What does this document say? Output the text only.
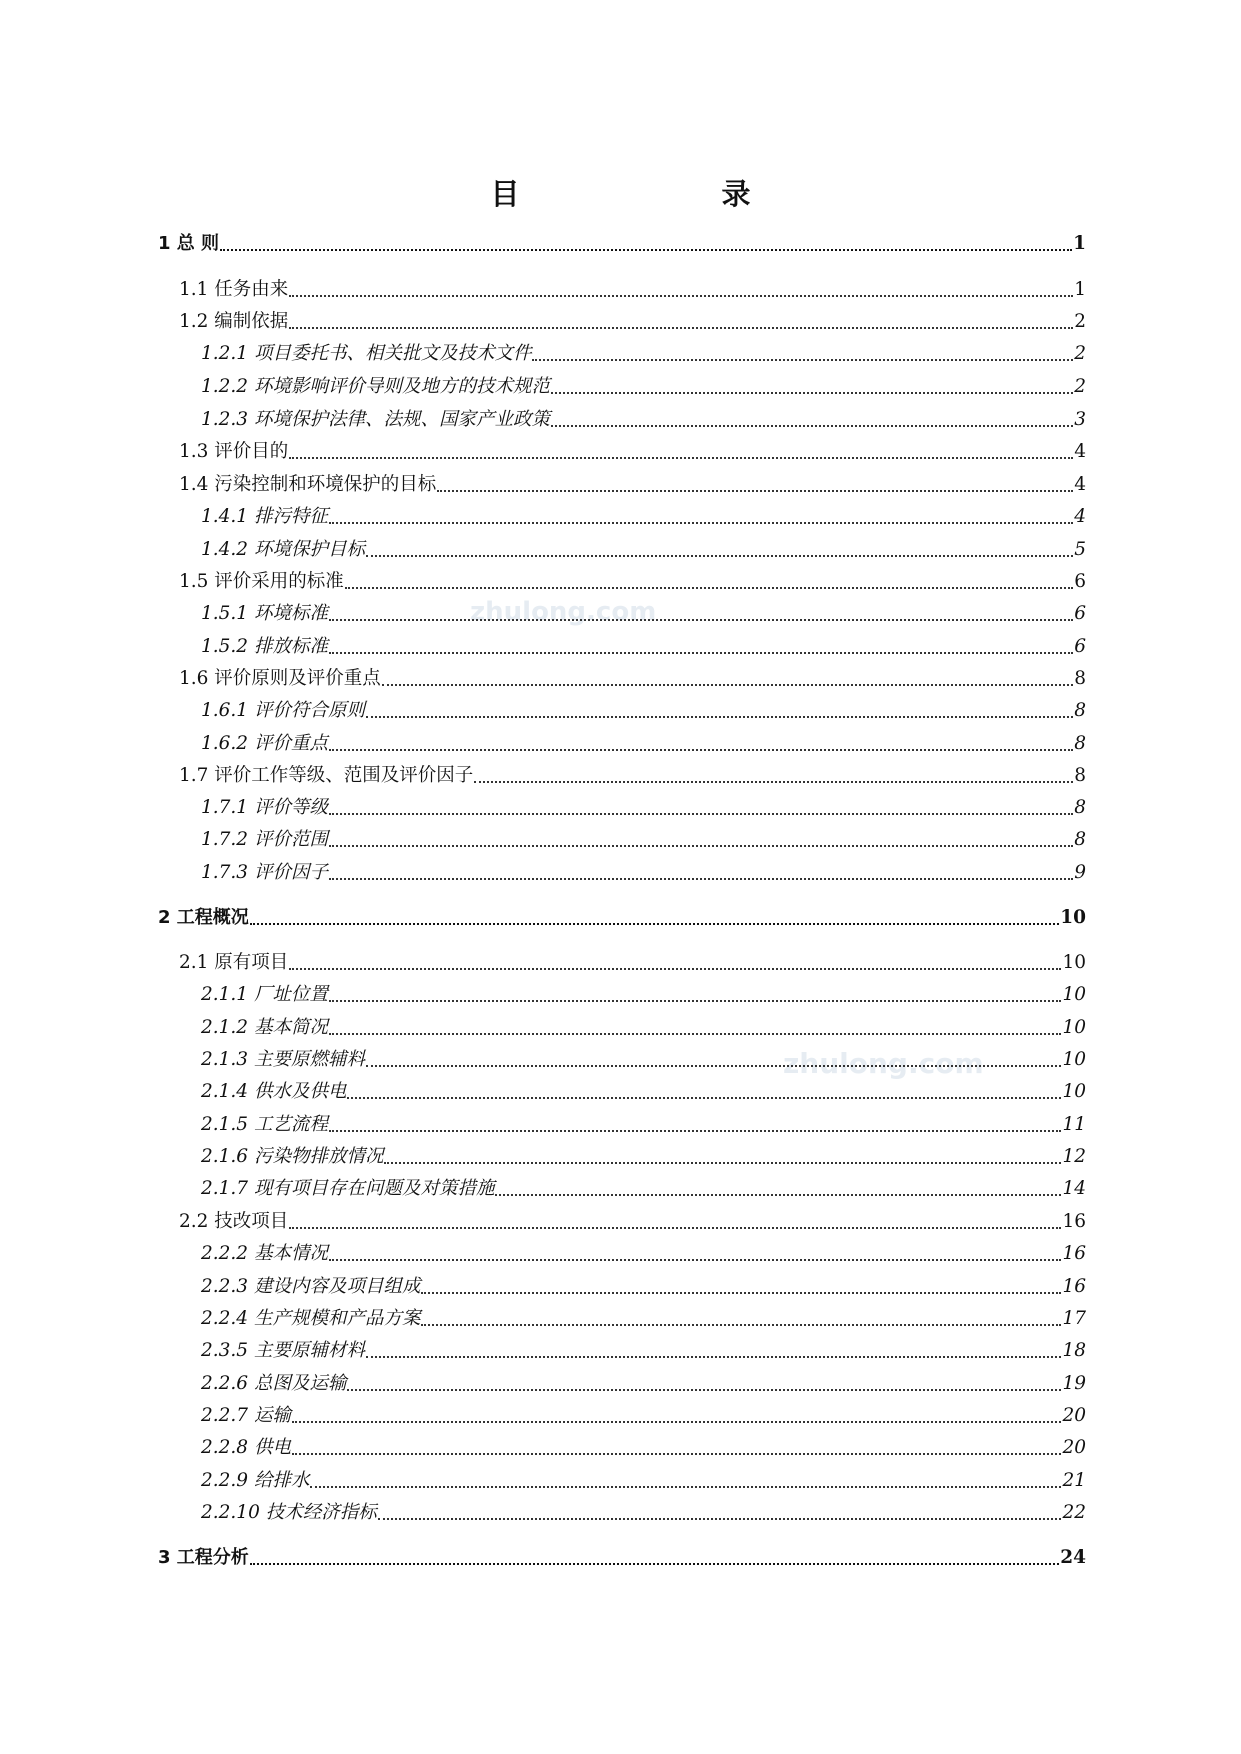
目　　录
zhulong.com
zhulong.com
1 总 则	1
1.1 任务由来	1
1.2 编制依据	2
1.2.1 项目委托书、相关批文及技术文件	2
1.2.2 环境影响评价导则及地方的技术规范	2
1.2.3 环境保护法律、法规、国家产业政策	3
1.3 评价目的	4
1.4 污染控制和环境保护的目标	4
1.4.1 排污特征	4
1.4.2 环境保护目标	5
1.5 评价采用的标准	6
1.5.1 环境标准	6
1.5.2 排放标准	6
1.6 评价原则及评价重点	8
1.6.1 评价符合原则	8
1.6.2 评价重点	8
1.7 评价工作等级、范围及评价因子	8
1.7.1 评价等级	8
1.7.2 评价范围	8
1.7.3 评价因子	9
2 工程概况	10
2.1 原有项目	10
2.1.1 厂址位置	10
2.1.2 基本简况	10
2.1.3 主要原燃辅料	10
2.1.4 供水及供电	10
2.1.5 工艺流程	11
2.1.6 污染物排放情况	12
2.1.7 现有项目存在问题及对策措施	14
2.2 技改项目	16
2.2.2 基本情况	16
2.2.3 建设内容及项目组成	16
2.2.4 生产规模和产品方案	17
2.3.5 主要原辅材料	18
2.2.6 总图及运输	19
2.2.7 运输	20
2.2.8 供电	20
2.2.9 给排水	21
2.2.10 技术经济指标	22
3 工程分析	24
